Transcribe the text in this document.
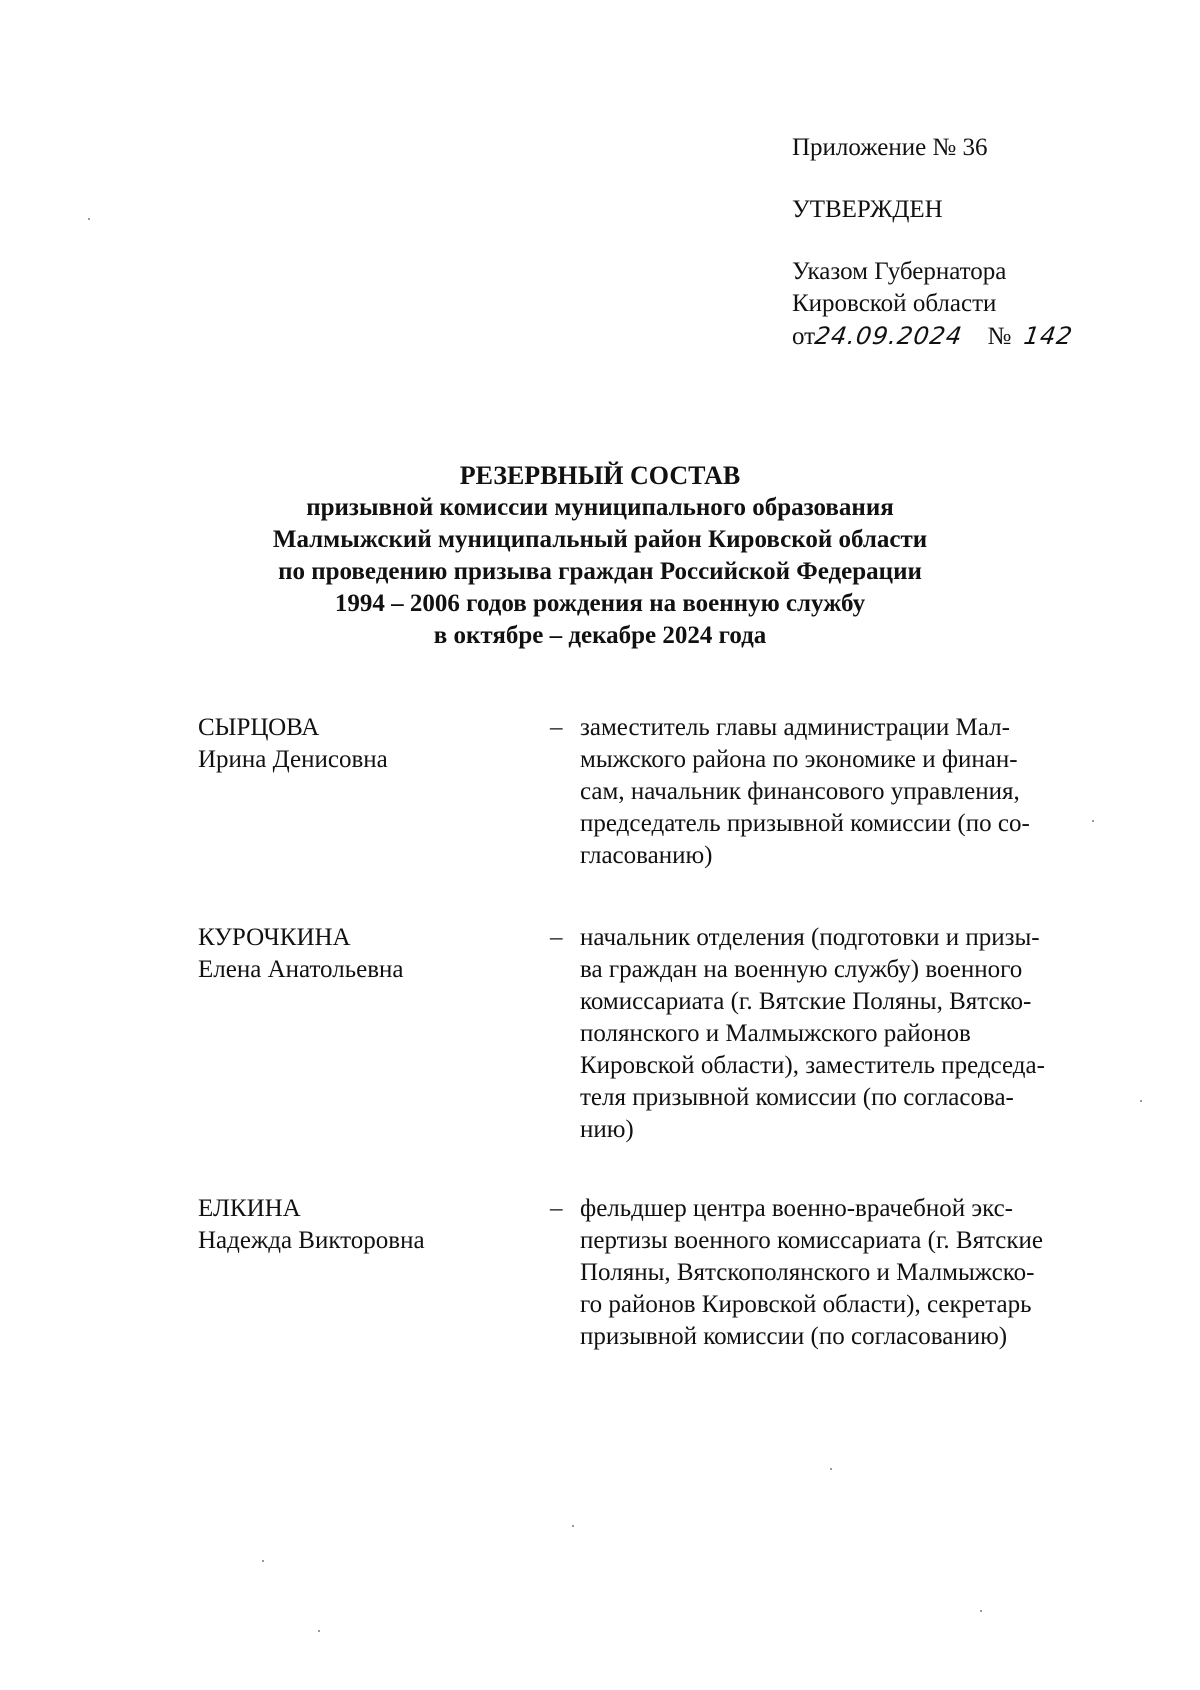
Приложение № 36
УТВЕРЖДЕН
Указом Губернатора
Кировской области
от24.09.2024 № 142
РЕЗЕРВНЫЙ СОСТАВ
призывной комиссии муниципального образования
Малмыжский муниципальный район Кировской области
по проведению призыва граждан Российской Федерации
1994 – 2006 годов рождения на военную службу
в октябре – декабре 2024 года
СЫРЦОВА
Ирина Денисовна
– заместитель главы администрации Мал-
мыжского района по экономике и финан-
сам, начальник финансового управления,
председатель призывной комиссии (по со-
гласованию)
КУРОЧКИНА
Елена Анатольевна
– начальник отделения (подготовки и призы-
ва граждан на военную службу) военного
комиссариата (г. Вятские Поляны, Вятско-
полянского и Малмыжского районов
Кировской области), заместитель председа-
теля призывной комиссии (по согласова-
нию)
ЕЛКИНА
Надежда Викторовна
– фельдшер центра военно-врачебной экс-
пертизы военного комиссариата (г. Вятские
Поляны, Вятскополянского и Малмыжско-
го районов Кировской области), секретарь
призывной комиссии (по согласованию)
